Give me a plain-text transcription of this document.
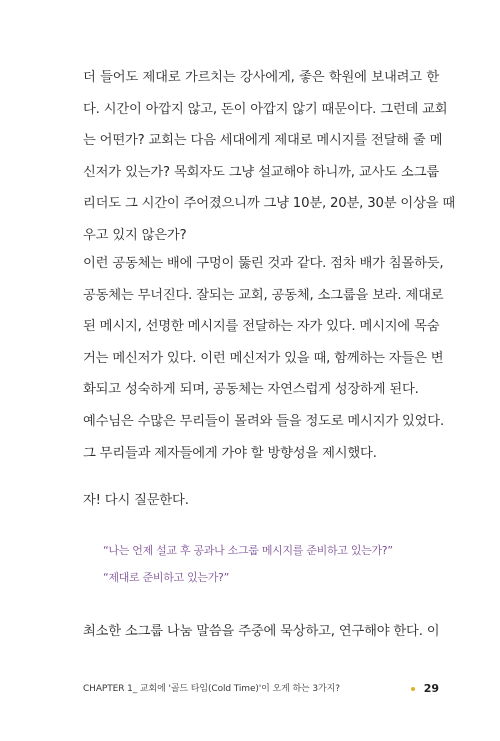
더 들어도 제대로 가르치는 강사에게, 좋은 학원에 보내려고 한
다. 시간이 아깝지 않고, 돈이 아깝지 않기 때문이다. 그런데 교회
는 어떤가? 교회는 다음 세대에게 제대로 메시지를 전달해 줄 메
신저가 있는가? 목회자도 그냥 설교해야 하니까, 교사도 소그룹
리더도 그 시간이 주어졌으니까 그냥 10분, 20분, 30분 이상을 때
우고 있지 않은가?
이런 공동체는 배에 구멍이 뚫린 것과 같다. 점차 배가 침몰하듯,
공동체는 무너진다. 잘되는 교회, 공동체, 소그룹을 보라. 제대로
된 메시지, 선명한 메시지를 전달하는 자가 있다. 메시지에 목숨
거는 메신저가 있다. 이런 메신저가 있을 때, 함께하는 자들은 변
화되고 성숙하게 되며, 공동체는 자연스럽게 성장하게 된다.
예수님은 수많은 무리들이 몰려와 들을 정도로 메시지가 있었다.
그 무리들과 제자들에게 가야 할 방향성을 제시했다.
자! 다시 질문한다.
“나는 언제 설교 후 공과나 소그룹 메시지를 준비하고 있는가?”
“제대로 준비하고 있는가?”
최소한 소그룹 나눔 말씀을 주중에 묵상하고, 연구해야 한다. 이
CHAPTER 1_ 교회에 '골드 타임(Cold Time)'이 오게 하는 3가지?	29
